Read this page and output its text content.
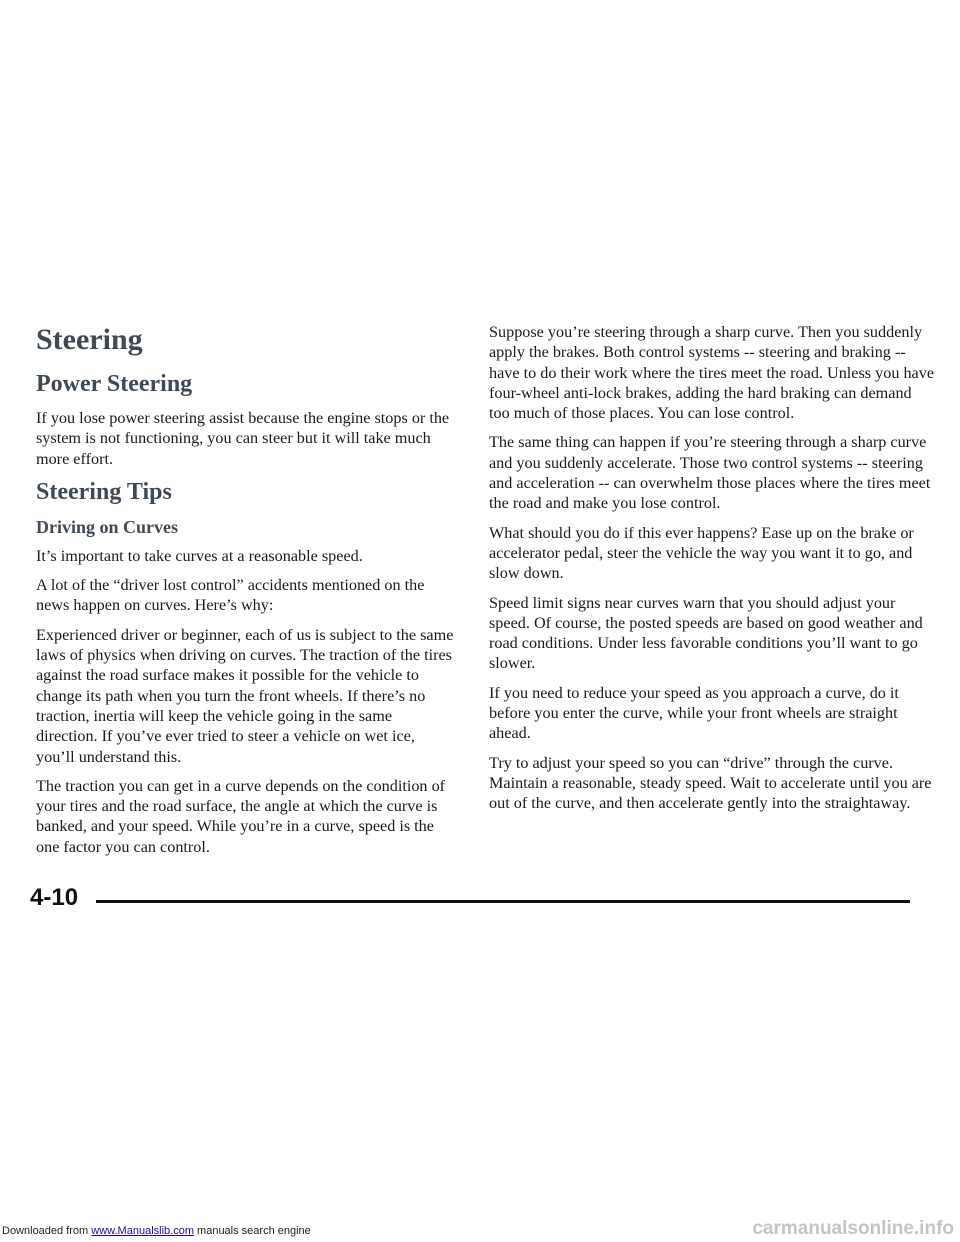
Steering
Power Steering

If you lose power steering assist because the engine stops or the system is not functioning, you can steer but it will take much more effort.

Steering Tips
Driving on Curves

It’s important to take curves at a reasonable speed.

A lot of the “driver lost control” accidents mentioned on the news happen on curves. Here’s why:

Experienced driver or beginner, each of us is subject to the same laws of physics when driving on curves. The traction of the tires against the road surface makes it possible for the vehicle to change its path when you turn the front wheels. If there’s no traction, inertia will keep the vehicle going in the same direction. If you’ve ever tried to steer a vehicle on wet ice, you’ll understand this.

The traction you can get in a curve depends on the condition of your tires and the road surface, the angle at which the curve is banked, and your speed. While you’re in a curve, speed is the one factor you can control.

Suppose you’re steering through a sharp curve. Then you suddenly apply the brakes. Both control systems -- steering and braking -- have to do their work where the tires meet the road. Unless you have four-wheel anti-lock brakes, adding the hard braking can demand too much of those places. You can lose control.

The same thing can happen if you’re steering through a sharp curve and you suddenly accelerate. Those two control systems -- steering and acceleration -- can overwhelm those places where the tires meet the road and make you lose control.

What should you do if this ever happens? Ease up on the brake or accelerator pedal, steer the vehicle the way you want it to go, and slow down.

Speed limit signs near curves warn that you should adjust your speed. Of course, the posted speeds are based on good weather and road conditions. Under less favorable conditions you’ll want to go slower.

If you need to reduce your speed as you approach a curve, do it before you enter the curve, while your front wheels are straight ahead.

Try to adjust your speed so you can “drive” through the curve. Maintain a reasonable, steady speed. Wait to accelerate until you are out of the curve, and then accelerate gently into the straightaway.

4-10
Downloaded from www.Manualslib.com manuals search engine	carmanualsonline.info
